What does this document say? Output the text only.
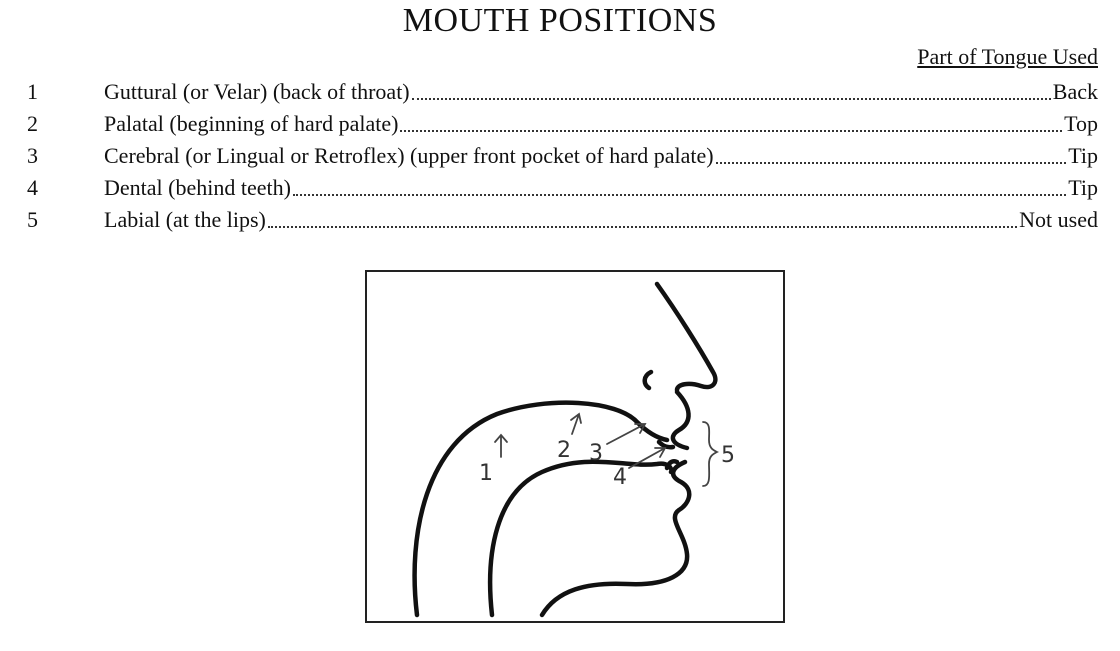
MOUTH POSITIONS
Part of Tongue Used
1	Guttural (or Velar) (back of throat)	Back
2	Palatal (beginning of hard palate)	Top
3	Cerebral (or Lingual or Retroflex) (upper front pocket of hard palate)	Tip
4	Dental (behind teeth)	Tip
5	Labial (at the lips)	Not used
1
2 3
4
5
